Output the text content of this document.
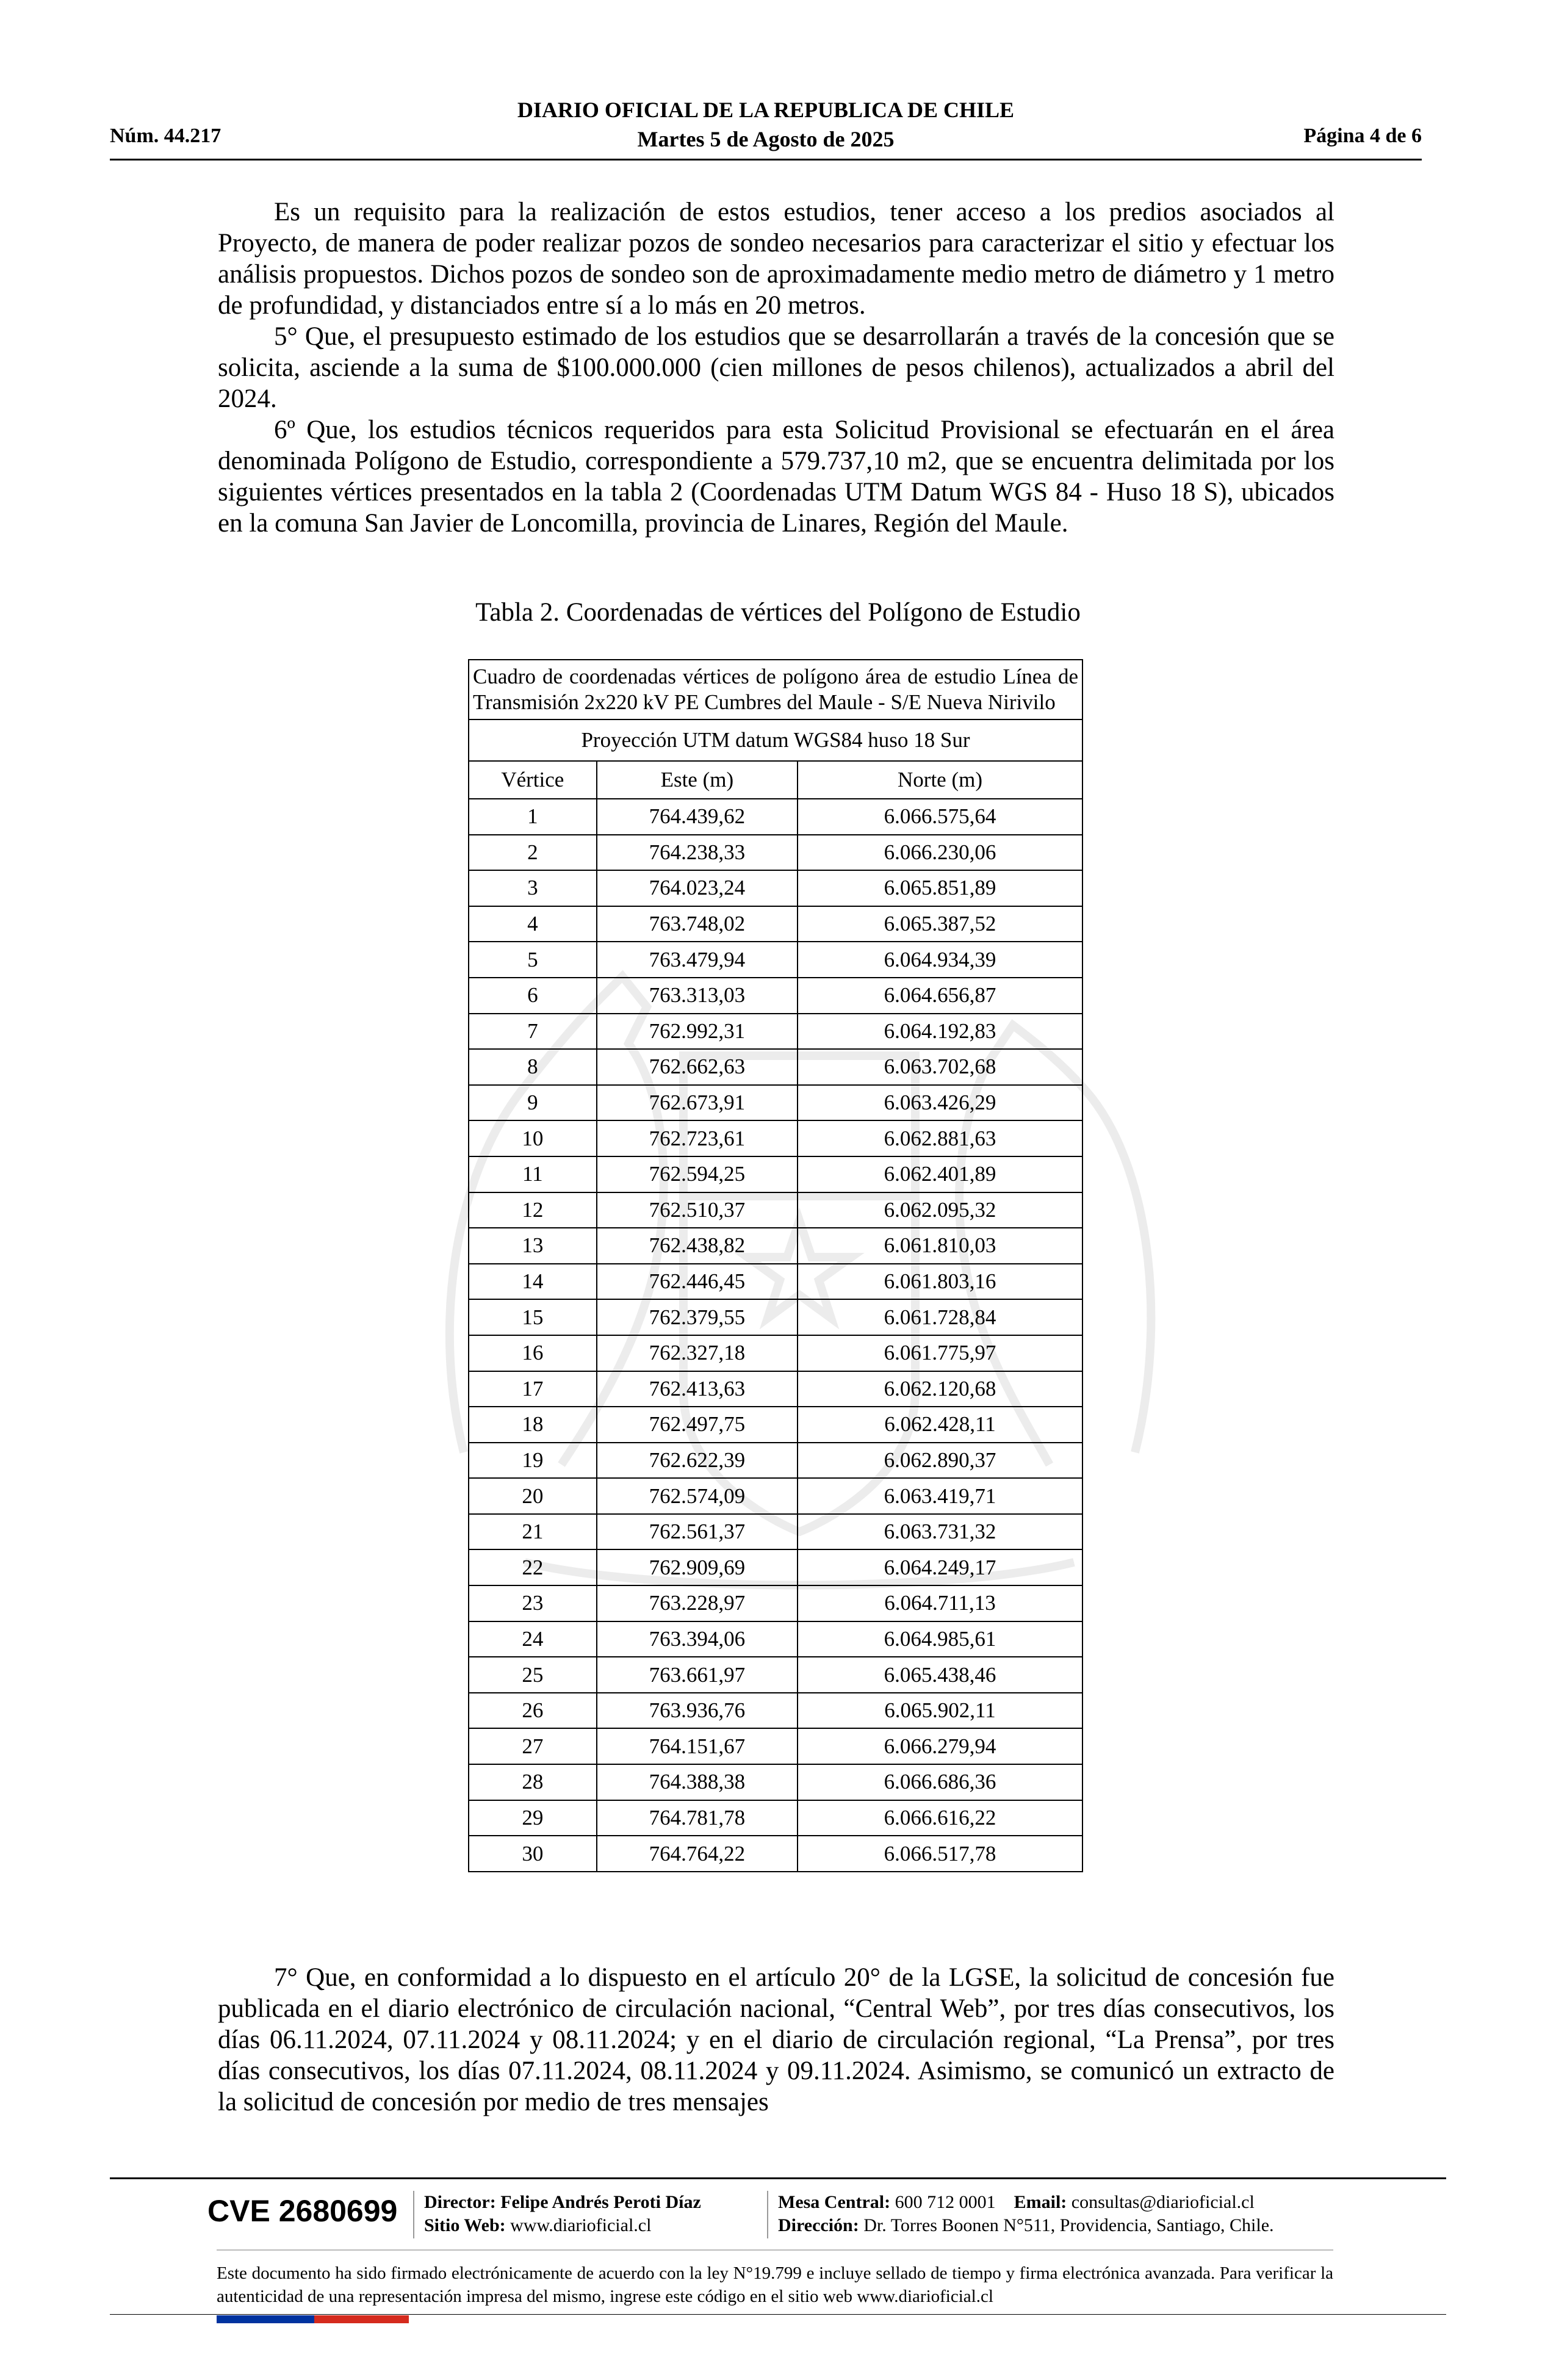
DIARIO OFICIAL DE LA REPUBLICA DE CHILE
Martes 5 de Agosto de 2025
Núm. 44.217	Página 4 de 6

Es un requisito para la realización de estos estudios, tener acceso a los predios asociados al Proyecto, de manera de poder realizar pozos de sondeo necesarios para caracterizar el sitio y efectuar los análisis propuestos. Dichos pozos de sondeo son de aproximadamente medio metro de diámetro y 1 metro de profundidad, y distanciados entre sí a lo más en 20 metros.

5° Que, el presupuesto estimado de los estudios que se desarrollarán a través de la concesión que se solicita, asciende a la suma de $100.000.000 (cien millones de pesos chilenos), actualizados a abril del 2024.

6º Que, los estudios técnicos requeridos para esta Solicitud Provisional se efectuarán en el área denominada Polígono de Estudio, correspondiente a 579.737,10 m2, que se encuentra delimitada por los siguientes vértices presentados en la tabla 2 (Coordenadas UTM Datum WGS 84 - Huso 18 S), ubicados en la comuna San Javier de Loncomilla, provincia de Linares, Región del Maule.

Tabla 2. Coordenadas de vértices del Polígono de Estudio
Cuadro de coordenadas vértices de polígono área de estudio Línea de Transmisión 2x220 kV PE Cumbres del Maule - S/E Nueva Nirivilo		
Proyección UTM datum WGS84 huso 18 Sur		
Vértice	Este (m)	Norte (m)
1	764.439,62	6.066.575,64
2	764.238,33	6.066.230,06
3	764.023,24	6.065.851,89
4	763.748,02	6.065.387,52
5	763.479,94	6.064.934,39
6	763.313,03	6.064.656,87
7	762.992,31	6.064.192,83
8	762.662,63	6.063.702,68
9	762.673,91	6.063.426,29
10	762.723,61	6.062.881,63
11	762.594,25	6.062.401,89
12	762.510,37	6.062.095,32
13	762.438,82	6.061.810,03
14	762.446,45	6.061.803,16
15	762.379,55	6.061.728,84
16	762.327,18	6.061.775,97
17	762.413,63	6.062.120,68
18	762.497,75	6.062.428,11
19	762.622,39	6.062.890,37
20	762.574,09	6.063.419,71
21	762.561,37	6.063.731,32
22	762.909,69	6.064.249,17
23	763.228,97	6.064.711,13
24	763.394,06	6.064.985,61
25	763.661,97	6.065.438,46
26	763.936,76	6.065.902,11
27	764.151,67	6.066.279,94
28	764.388,38	6.066.686,36
29	764.781,78	6.066.616,22
30	764.764,22	6.066.517,78

7° Que, en conformidad a lo dispuesto en el artículo 20° de la LGSE, la solicitud de concesión fue publicada en el diario electrónico de circulación nacional, “Central Web”, por tres días consecutivos, los días 06.11.2024, 07.11.2024 y 08.11.2024; y en el diario de circulación regional, “La Prensa”, por tres días consecutivos, los días 07.11.2024, 08.11.2024 y 09.11.2024. Asimismo, se comunicó un extracto de la solicitud de concesión por medio de tres mensajes

CVE 2680699 Director: Felipe Andrés Peroti Díaz
Sitio Web: www.diarioficial.cl
Mesa Central: 600 712 0001 Email: consultas@diarioficial.cl
Dirección: Dr. Torres Boonen N°511, Providencia, Santiago, Chile.
Este documento ha sido firmado electrónicamente de acuerdo con la ley N°19.799 e incluye sellado de tiempo y firma electrónica avanzada. Para verificar la autenticidad de una representación impresa del mismo, ingrese este código en el sitio web www.diarioficial.cl
